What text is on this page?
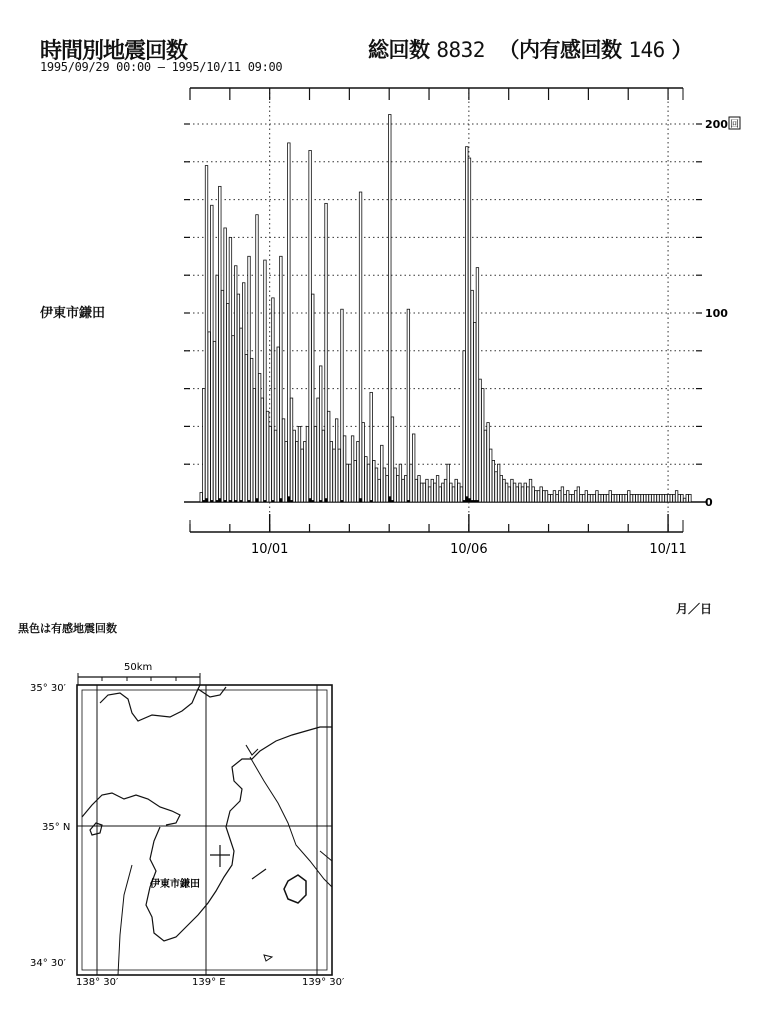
時間別地震回数	総回数 8832 （内有感回数 146 ）
1995/09/29 00:00 — 1995/10/11 09:00
伊東市鎌田
10/01	10/06	10/11
0
100
200 回
月／日
黒色は有感地震回数
50km
伊東市鎌田
35° 30′
35° N
34° 30′
138° 30′	139° E	139° 30′
